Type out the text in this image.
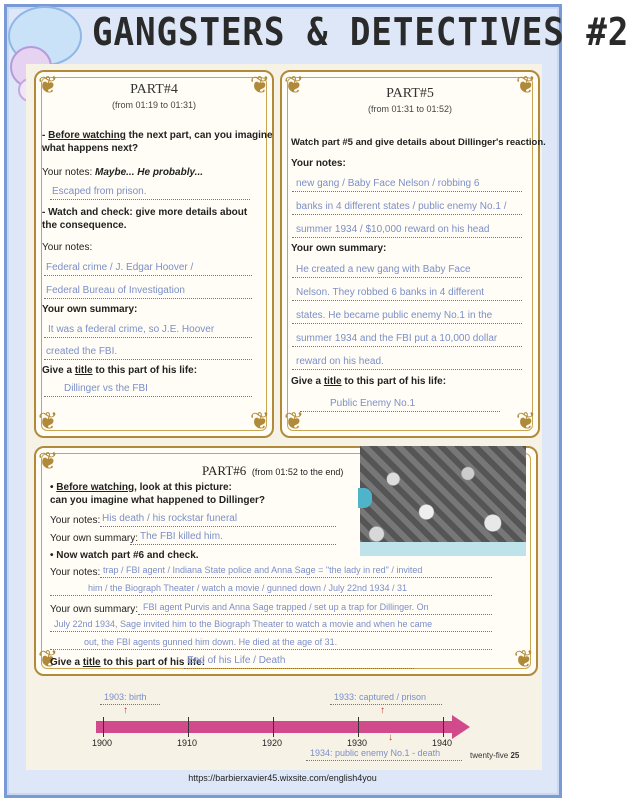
GANGSTERS & DETECTIVES #2
❦	❦
❦	❦
PART#4
(from 01:19 to 01:31)
- Before watching the next part, can you imagine
what happens next?
Your notes: Maybe... He probably...
Escaped from prison.
- Watch and check: give more details about
the consequence.
Your notes:
Federal crime / J. Edgar Hoover /
Federal Bureau of Investigation
Your own summary:
It was a federal crime, so J.E. Hoover
created the FBI.
Give a title to this part of his life:
Dillinger vs the FBI
❦	❦
❦	❦
PART#5
(from 01:31 to 01:52)
Watch part #5 and give details about Dillinger's reaction.
Your notes:
new gang / Baby Face Nelson / robbing 6
banks in 4 different states / public enemy No.1 /
summer 1934 / $10,000 reward on his head
Your own summary:
He created a new gang with Baby Face
Nelson. They robbed 6 banks in 4 different
states. He became public enemy No.1 in the
summer 1934 and the FBI put a 10,000 dollar
reward on his head.
Give a title to this part of his life:
Public Enemy No.1
❦
❦	❦
PART#6 (from 01:52 to the end)
• Before watching, look at this picture:
can you imagine what happened to Dillinger?
Your notes: His death / his rockstar funeral
Your own summary: The FBI killed him.
• Now watch part #6 and check.
Your notes: trap / FBI agent / Indiana State police and Anna Sage = "the lady in red" / invited
him / the Biograph Theater / watch a movie / gunned down / July 22nd 1934 / 31
Your own summary: FBI agent Purvis and Anna Sage trapped / set up a trap for Dillinger. On
July 22nd 1934, Sage invited him to the Biograph Theater to watch a movie and when he came
out, the FBI agents gunned him down. He died at the age of 31.
Give a title to this part of his life:
End of his Life / Death
1900	1910	1920	1930	1940
1903: birth
↑
1933: captured / prison
↑
↓
1934: public enemy No.1 - death	twenty-five 25
https://barbierxavier45.wixsite.com/english4you
